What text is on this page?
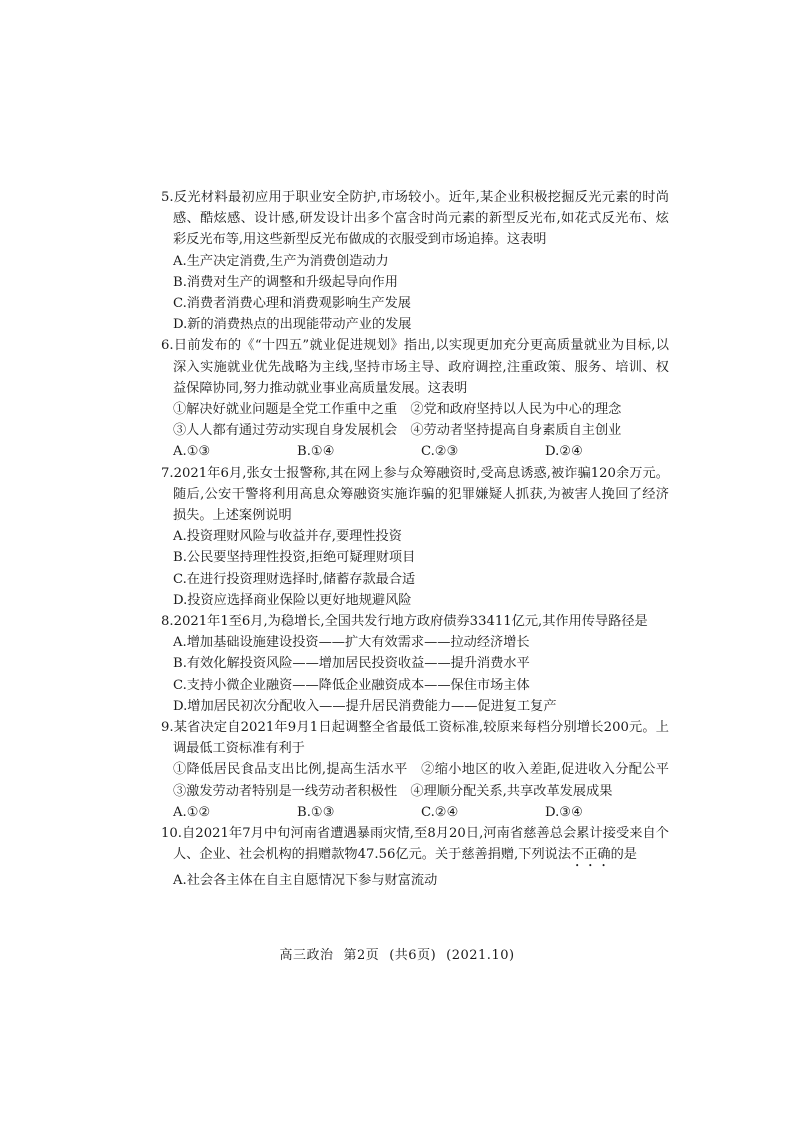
5.反光材料最初应用于职业安全防护,市场较小。近年,某企业积极挖掘反光元素的时尚感、酷炫感、设计感,研发设计出多个富含时尚元素的新型反光布,如花式反光布、炫彩反光布等,用这些新型反光布做成的衣服受到市场追捧。这表明
A.生产决定消费,生产为消费创造动力
B.消费对生产的调整和升级起导向作用
C.消费者消费心理和消费观影响生产发展
D.新的消费热点的出现能带动产业的发展
6.日前发布的《“十四五”就业促进规划》指出,以实现更加充分更高质量就业为目标,以深入实施就业优先战略为主线,坚持市场主导、政府调控,注重政策、服务、培训、权益保障协同,努力推动就业事业高质量发展。这表明
①解决好就业问题是全党工作重中之重　②党和政府坚持以人民为中心的理念
③人人都有通过劳动实现自身发展机会　④劳动者坚持提高自身素质自主创业
A.①③	B.①④	C.②③	D.②④
7.2021年6月,张女士报警称,其在网上参与众筹融资时,受高息诱惑,被诈骗120余万元。随后,公安干警将利用高息众筹融资实施诈骗的犯罪嫌疑人抓获,为被害人挽回了经济损失。上述案例说明
A.投资理财风险与收益并存,要理性投资
B.公民要坚持理性投资,拒绝可疑理财项目
C.在进行投资理财选择时,储蓄存款最合适
D.投资应选择商业保险以更好地规避风险
8.2021年1至6月,为稳增长,全国共发行地方政府债券33411亿元,其作用传导路径是
A.增加基础设施建设投资——扩大有效需求——拉动经济增长
B.有效化解投资风险——增加居民投资收益——提升消费水平
C.支持小微企业融资——降低企业融资成本——保住市场主体
D.增加居民初次分配收入——提升居民消费能力——促进复工复产
9.某省决定自2021年9月1日起调整全省最低工资标准,较原来每档分别增长200元。上调最低工资标准有利于
①降低居民食品支出比例,提高生活水平　②缩小地区的收入差距,促进收入分配公平　③激发劳动者特别是一线劳动者积极性　④理顺分配关系,共享改革发展成果
A.①②	B.①③	C.②④	D.③④
10.自2021年7月中旬河南省遭遇暴雨灾情,至8月20日,河南省慈善总会累计接受来自个人、企业、社会机构的捐赠款物47.56亿元。关于慈善捐赠,下列说法不正确的是
A.社会各主体在自主自愿情况下参与财富流动
高三政治 第2页 (共6页) (2021.10)
